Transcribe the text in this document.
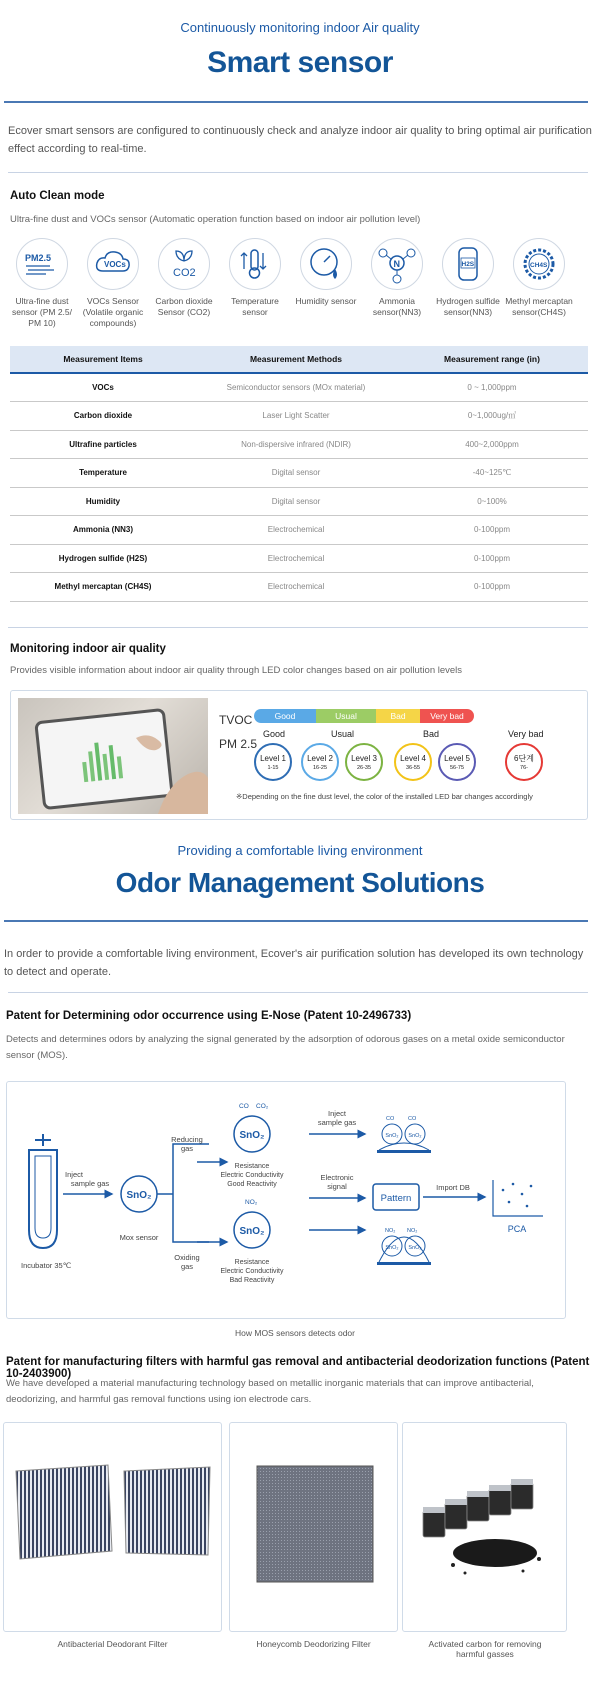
Continuously monitoring indoor Air quality
Smart sensor
Ecover smart sensors are configured to continuously check and analyze indoor air quality to bring optimal air purification effect according to real-time.
Auto Clean mode
Ultra-fine dust and VOCs sensor (Automatic operation function based on indoor air pollution level)
PM2.5
Ultra-fine dust sensor (PM 2.5/ PM 10)
VOCs
VOCs Sensor (Volatile organic compounds)
CO2
Carbon dioxide Sensor (CO2)
Temperature sensor
Humidity sensor
N
Ammonia sensor(NN3)
H2S
Hydrogen sulfide sensor(NN3)
CH4S
Methyl mercaptan sensor(CH4S)
Measurement Items	Measurement Methods	Measurement range (in)
VOCs	Semiconductor sensors (MOx material)	0 ~ 1,000ppm
Carbon dioxide	Laser Light Scatter	0~1,000ug/㎥
Ultrafine particles	Non-dispersive infrared (NDIR)	400~2,000ppm
Temperature	Digital sensor	-40~125℃
Humidity	Digital sensor	0~100%
Ammonia (NN3)	Electrochemical	0-100ppm
Hydrogen sulfide (H2S)	Electrochemical	0-100ppm
Methyl mercaptan (CH4S)	Electrochemical	0-100ppm
Monitoring indoor air quality
Provides visible information about indoor air quality through LED color changes based on air pollution levels
TVOC
PM 2.5
Good	Usual	Bad	Very bad
Good	Usual	Bad	Very bad
Level 1
1-15
Level 2
16-25
Level 3
26-35
Level 4
36-55
Level 5
56-75
6단계
76-
※Depending on the fine dust level, the color of the installed LED bar changes accordingly
Providing a comfortable living environment
Odor Management Solutions
In order to provide a comfortable living environment, Ecover's air purification solution has developed its own technology to detect and operate.
Patent for Determining odor occurrence using E-Nose (Patent 10-2496733)
Detects and determines odors by analyzing the signal generated by the adsorption of odorous gases on a metal oxide semiconductor sensor (MOS).
Incubator 35℃
Inject
sample gas
SnO₂
Mox sensor
Reducing
gas
Oxiding
gas
CO CO₂
SnO₂
Resistance
Electric Conductivity
Good Reactivity
NO₂
SnO₂
Resistance
Electric Conductivity
Bad Reactivity
Inject
sample gas
Electronic
signal
SnO₂ SnO₂
SnO₂ SnO₂
CO	CO
NO₂ NO₂
Pattern
Import DB
PCA
How MOS sensors detects odor
Patent for manufacturing filters with harmful gas removal and antibacterial deodorization functions (Patent 10-2403900)
We have developed a material manufacturing technology based on metallic inorganic materials that can improve antibacterial, deodorizing, and harmful gas removal functions using ion electrode cars.
Antibacterial Deodorant Filter	Honeycomb Deodorizing Filter	Activated carbon for removing harmful gasses
